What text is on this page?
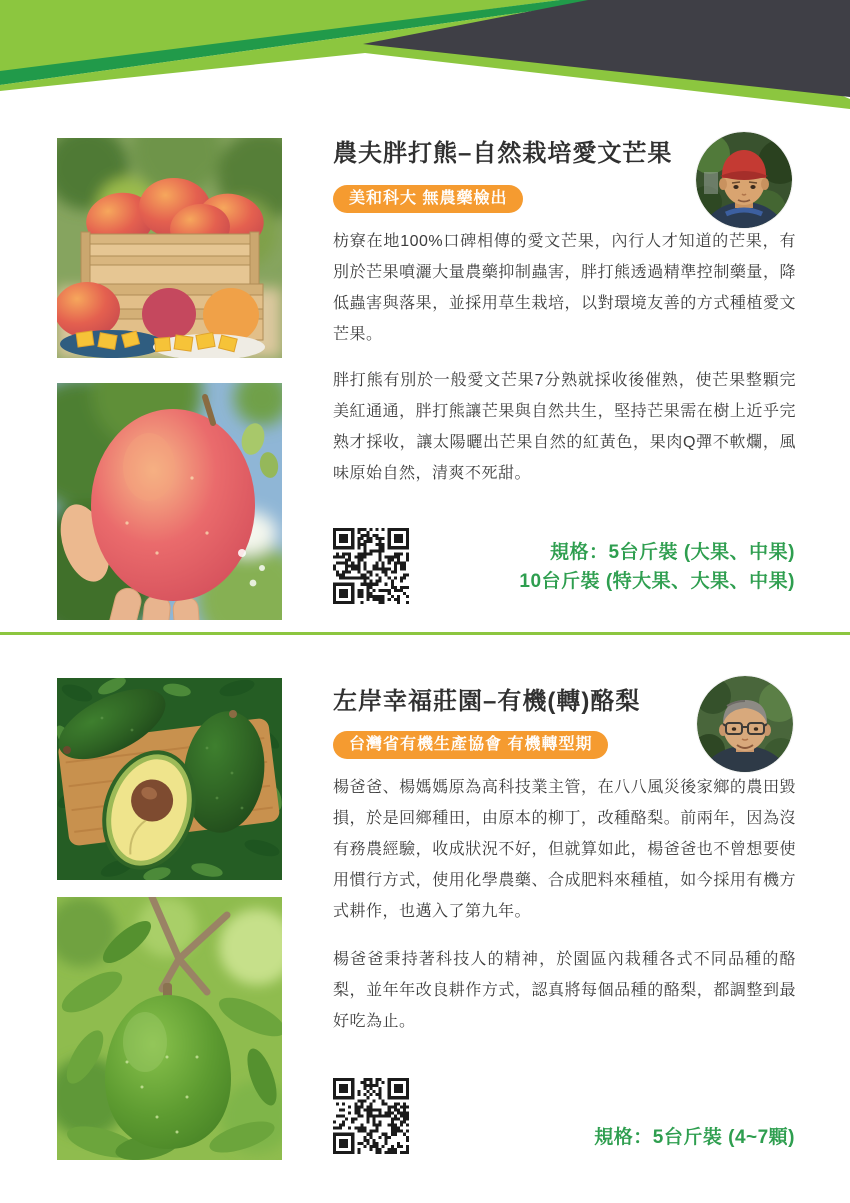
農夫胖打熊–自然栽培愛文芒果
美和科大 無農藥檢出
枋寮在地100%口碑相傳的愛文芒果，內行人才知道的芒果，有別於芒果噴灑大量農藥抑制蟲害，胖打熊透過精準控制藥量，降低蟲害與落果，並採用草生栽培，以對環境友善的方式種植愛文芒果。
胖打熊有別於一般愛文芒果7分熟就採收後催熟，使芒果整顆完美紅通通，胖打熊讓芒果與自然共生，堅持芒果需在樹上近乎完熟才採收，讓太陽曬出芒果自然的紅黃色，果肉Q彈不軟爛，風味原始自然，清爽不死甜。
規格：5台斤裝 (大果、中果)
10台斤裝 (特大果、大果、中果)
左岸幸福莊園–有機(轉)酪梨
台灣省有機生產協會 有機轉型期
楊爸爸、楊媽媽原為高科技業主管，在八八風災後家鄉的農田毀損，於是回鄉種田，由原本的柳丁，改種酪梨。前兩年，因為沒有務農經驗，收成狀況不好，但就算如此，楊爸爸也不曾想要使用慣行方式，使用化學農藥、合成肥料來種植，如今採用有機方式耕作，也邁入了第九年。
楊爸爸秉持著科技人的精神，於園區內栽種各式不同品種的酪梨，並年年改良耕作方式，認真將每個品種的酪梨，都調整到最好吃為止。
規格：5台斤裝 (4~7顆)
